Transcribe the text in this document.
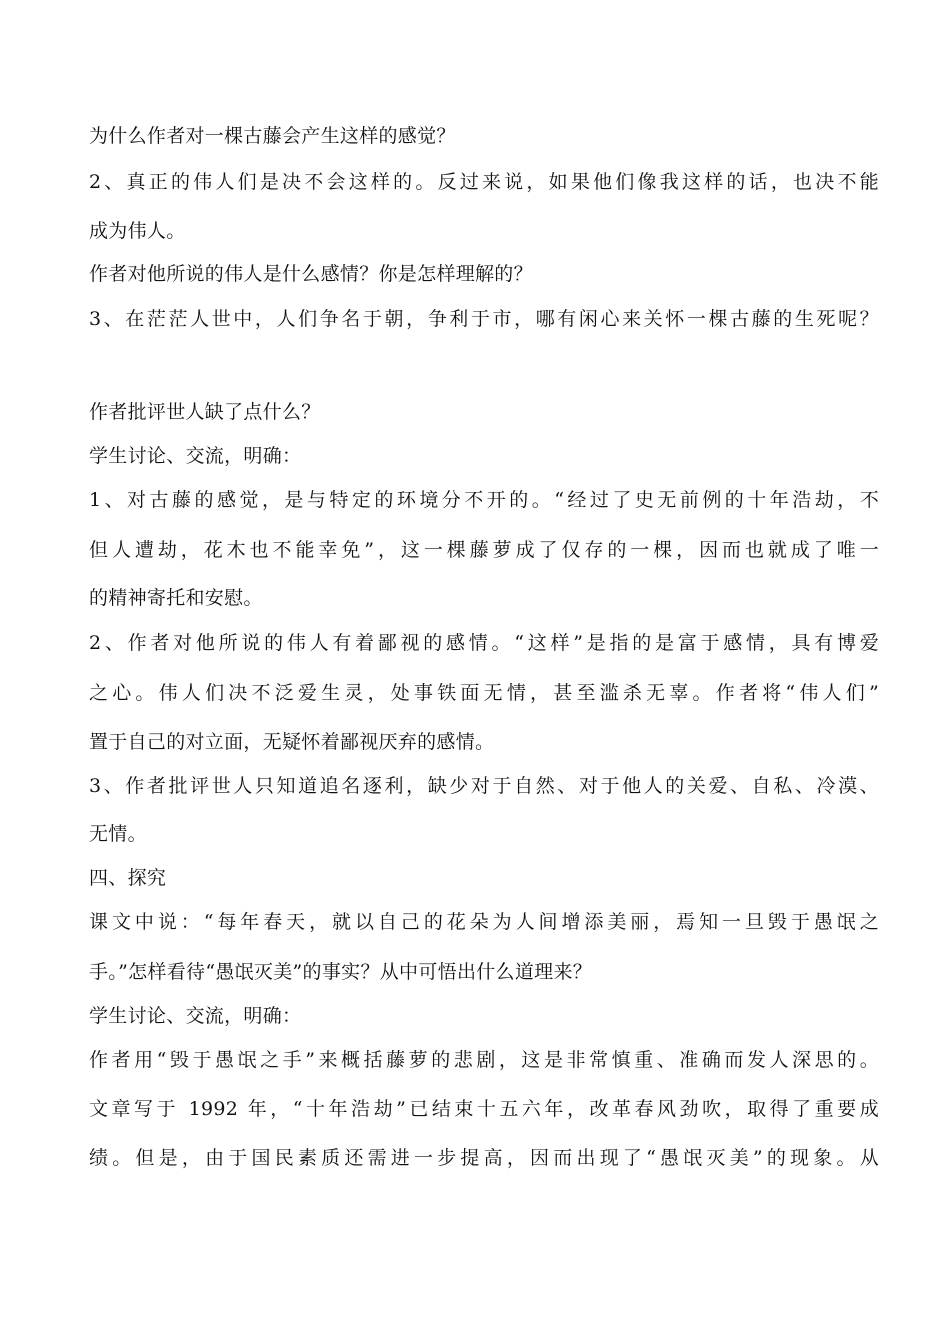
为什么作者对一棵古藤会产生这样的感觉？
2、真正的伟人们是决不会这样的。反过来说，如果他们像我这样的话，也决不能
成为伟人。
作者对他所说的伟人是什么感情？你是怎样理解的？
3、在茫茫人世中，人们争名于朝，争利于市，哪有闲心来关怀一棵古藤的生死呢？
作者批评世人缺了点什么？
学生讨论、交流，明确：
1、对古藤的感觉，是与特定的环境分不开的。“经过了史无前例的十年浩劫，不
但人遭劫，花木也不能幸免”，这一棵藤萝成了仅存的一棵，因而也就成了唯一
的精神寄托和安慰。
2、作者对他所说的伟人有着鄙视的感情。“这样”是指的是富于感情，具有博爱
之心。伟人们决不泛爱生灵，处事铁面无情，甚至滥杀无辜。作者将“伟人们”
置于自己的对立面，无疑怀着鄙视厌弃的感情。
3、作者批评世人只知道追名逐利，缺少对于自然、对于他人的关爱、自私、冷漠、
无情。
四、探究
课文中说：“每年春天，就以自己的花朵为人间增添美丽，焉知一旦毁于愚氓之
手。”怎样看待“愚氓灭美”的事实？从中可悟出什么道理来？
学生讨论、交流，明确：
作者用“毁于愚氓之手”来概括藤萝的悲剧，这是非常慎重、准确而发人深思的。
文章写于 1992 年，“十年浩劫”已结束十五六年，改革春风劲吹，取得了重要成
绩。但是，由于国民素质还需进一步提高，因而出现了“愚氓灭美”的现象。从
